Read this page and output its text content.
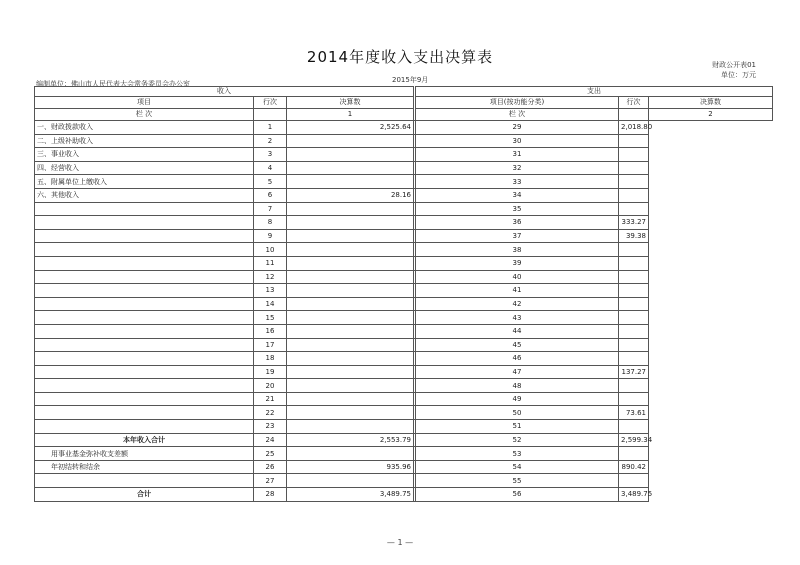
2014年度收入支出决算表	财政公开表01
单位：万元
编制单位：佛山市人民代表大会常务委员会办公室	2015年9月
收入				支出		
项目	行次	决算数		项目(按功能分类)	行次	决算数
栏 次		1		栏 次		2
一、财政拨款收入	1	2,525.64		29	2,018.80	
二、上级补助收入	2			30		
三、事业收入	3			31		
四、经营收入	4			32		
五、附属单位上缴收入	5			33		
六、其他收入	6	28.16		34		
	7			35		
	8			36	333.27	
	9			37	39.38	
	10			38		
	11			39		
	12			40		
	13			41		
	14			42		
	15			43		
	16			44		
	17			45		
	18			46		
	19			47	137.27	
	20			48		
	21			49		
	22			50	73.61	
	23			51		
本年收入合计	24	2,553.79		52	2,599.34	
用事业基金弥补收支差额	25			53		
年初结转和结余	26	935.96		54	890.42	
	27			55		
合计	28	3,489.75		56	3,489.75	
— 1 —
